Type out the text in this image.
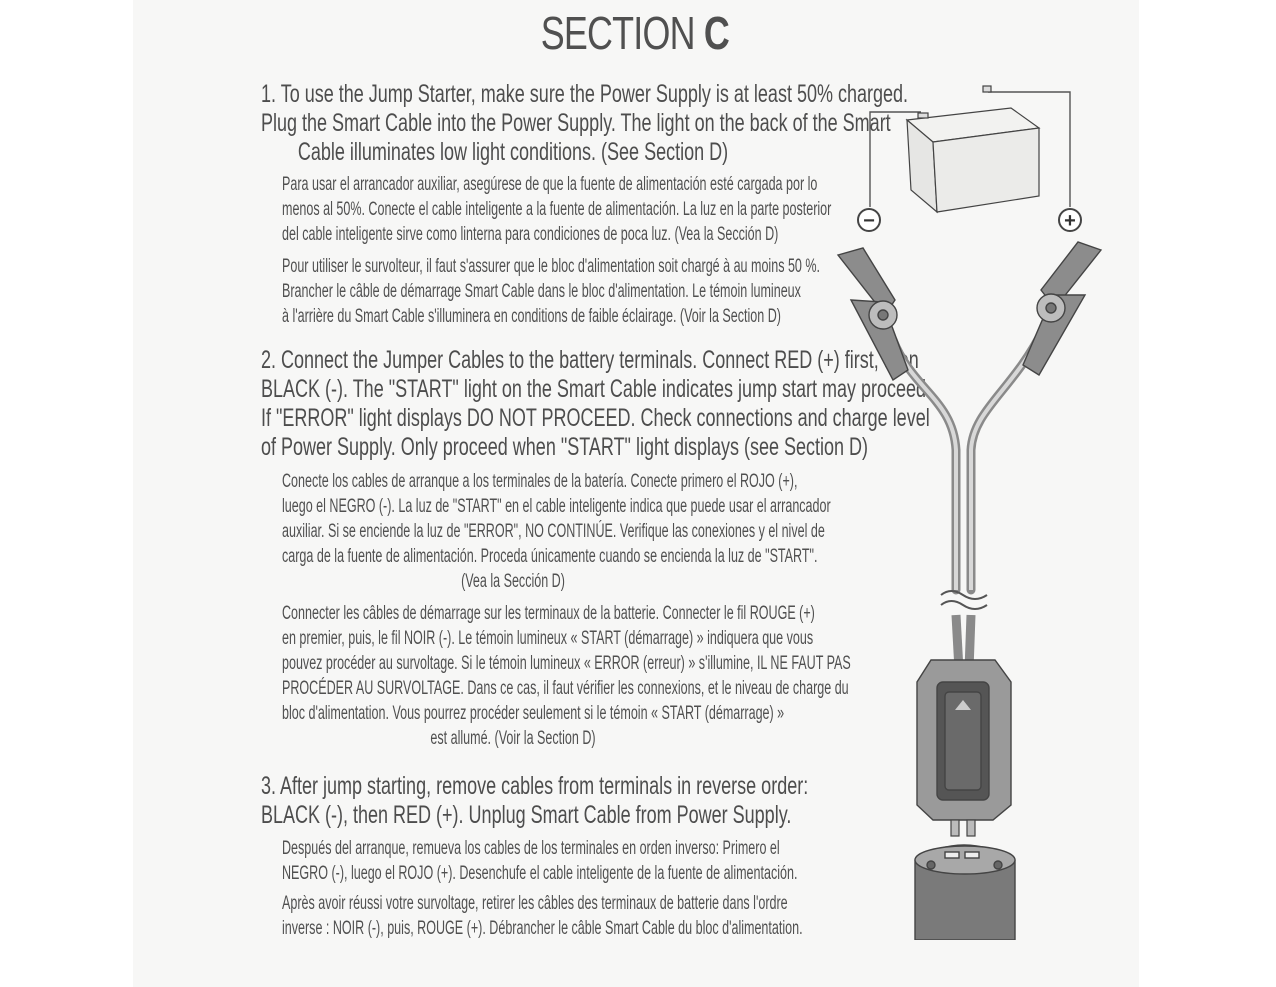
SECTION C
1. To use the Jump Starter, make sure the Power Supply is at least 50% charged.
Plug the Smart Cable into the Power Supply. The light on the back of the Smart
Cable illuminates low light conditions. (See Section D)
Para usar el arrancador auxiliar, asegúrese de que la fuente de alimentación esté cargada por lo
menos al 50%. Conecte el cable inteligente a la fuente de alimentación. La luz en la parte posterior
del cable inteligente sirve como linterna para condiciones de poca luz. (Vea la Sección D)
Pour utiliser le survolteur, il faut s'assurer que le bloc d'alimentation soit chargé à au moins 50 %.
Brancher le câble de démarrage Smart Cable dans le bloc d'alimentation. Le témoin lumineux
à l'arrière du Smart Cable s'illuminera en conditions de faible éclairage. (Voir la Section D)
2. Connect the Jumper Cables to the battery terminals. Connect RED (+) first, then
BLACK (-). The "START" light on the Smart Cable indicates jump start may proceed.
If "ERROR" light displays DO NOT PROCEED. Check connections and charge level
of Power Supply. Only proceed when "START" light displays (see Section D)
Conecte los cables de arranque a los terminales de la batería. Conecte primero el ROJO (+),
luego el NEGRO (-). La luz de "START" en el cable inteligente indica que puede usar el arrancador
auxiliar. Si se enciende la luz de "ERROR", NO CONTINÚE. Verifique las conexiones y el nivel de
carga de la fuente de alimentación. Proceda únicamente cuando se encienda la luz de "START".
(Vea la Sección D)
Connecter les câbles de démarrage sur les terminaux de la batterie. Connecter le fil ROUGE (+)
en premier, puis, le fil NOIR (-). Le témoin lumineux « START (démarrage) » indiquera que vous
pouvez procéder au survoltage. Si le témoin lumineux « ERROR (erreur) » s'illumine, IL NE FAUT PAS
PROCÉDER AU SURVOLTAGE. Dans ce cas, il faut vérifier les connexions, et le niveau de charge du
bloc d'alimentation. Vous pourrez procéder seulement si le témoin « START (démarrage) »
est allumé. (Voir la Section D)
3. After jump starting, remove cables from terminals in reverse order:
BLACK (-), then RED (+). Unplug Smart Cable from Power Supply.
Después del arranque, remueva los cables de los terminales en orden inverso: Primero el
NEGRO (-), luego el ROJO (+). Desenchufe el cable inteligente de la fuente de alimentación.
Après avoir réussi votre survoltage, retirer les câbles des terminaux de batterie dans l'ordre
inverse : NOIR (-), puis, ROUGE (+). Débrancher le câble Smart Cable du bloc d'alimentation.
−	+
